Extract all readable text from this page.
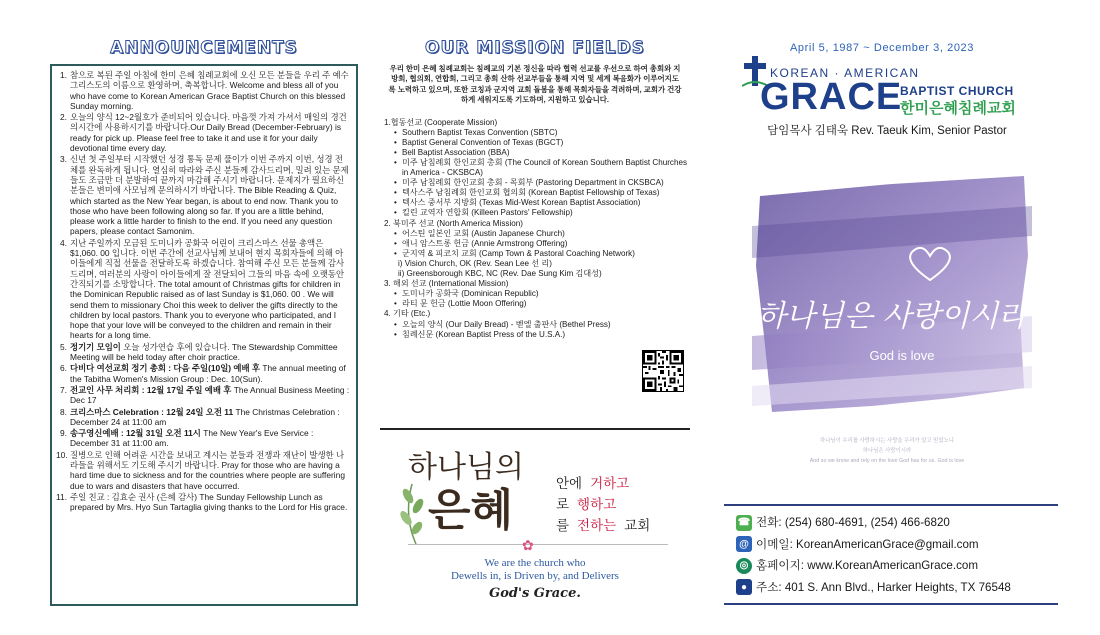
ANNOUNCEMENTS
1. 참으로 복된 주일 아침에 한미 은혜 침례교회에 오신 모든 분들을 우리 주 예수 그리스도의 이름으로 환영하며, 축복합니다. Welcome and bless all of you who have come to Korean American Grace Baptist Church on this blessed Sunday morning.
2. 오늘의 양식 12~2월호가 준비되어 있습니다. 마음껏 가져 가셔서 매일의 경건의시간에 사용하시기를 바랍니다.Our Daily Bread (December-February) is ready for pick up. Please feel free to take it and use it for your daily devotional time every day.
3. 신년 첫 주일부터 시작했던 성경 통독 문제 풀이가 이번 주까지 이번, 성경 전체를 완독하게 됩니다. 열심히 따라와 주신 분들께 감사드리며, 밀려 있는 문제들도 조금만 더 분발하여 끝까지 마감해 주시기 바랍니다. 문제지가 필요하신 분들은 변미애 사모님께 문의하시기 바랍니다. The Bible Reading & Quiz, which started as the New Year began, is about to end now. Thank you to those who have been following along so far. If you are a little behind, please work a little harder to finish to the end. If you need any question papers, please contact Samonim.
4. 지난 주일까지 모금된 도미니카 공화국 어린이 크리스마스 선물 총액은 $1,060. 00 입니다. 이번 주간에 선교사님께 보내어 현지 목회자들에 의해 아이들에게 직접 선물을 전달하도록 하겠습니다. 참여해 주신 모든 분들께 감사드리며, 여러분의 사랑이 아이들에게 잘 전달되어 그들의 마음 속에 오랫동안 간직되기를 소망합니다. The total amount of Christmas gifts for children in the Dominican Republic raised as of last Sunday is $1,060. 00 . We will send them to missionary Choi this week to deliver the gifts directly to the children by local pastors. Thank you to everyone who participated, and I hope that your love will be conveyed to the children and remain in their hearts for a long time.
5. 정기기 모임이 오늘 성가연습 후에 있습니다. The Stewardship Committee Meeting will be held today after choir practice.
6. 다비다 여선교회 정기 총회 : 다음 주일(10일) 예배 후 The annual meeting of the Tabitha Women's Mission Group : Dec. 10(Sun).
7. 전교인 사무 처리회 : 12월 17일 주일 예배 후 The Annual Business Meeting : Dec 17
8. 크리스마스 Celebration : 12월 24일 오전 11 The Christmas Celebration : December 24 at 11:00 am
9. 송구영신예배 : 12월 31일 오전 11시 The New Year's Eve Service : December 31 at 11:00 am.
10. 질병으로 인해 어려운 시간을 보내고 계시는 분들과 전쟁과 재난이 발생한 나라들을 위해서도 기도해 주시기 바랍니다. Pray for those who are having a hard time due to sickness and for the countries where people are suffering due to wars and disasters that have occurred.
11. 주일 친교 : 김효순 권사 (은혜 감사) The Sunday Fellowship Lunch as prepared by Mrs. Hyo Sun Tartaglia giving thanks to the Lord for His grace.
OUR MISSION FIELDS
우리 한미 은혜 침례교회는 침례교의 기본 정신을 따라 협력 선교를 우선으로 하여 총회와 지방회, 협의회, 연합회, 그리고 총회 산하 선교부들을 통해 지역 및 세계 복음화가 이루어지도록 노력하고 있으며, 또한 코칭과 군지역 교회 돌봄을 통해 목회자들을 격려하며, 교회가 건강하게 세워지도록 기도하며, 지원하고 있습니다.
1.협동선교 (Cooperate Mission)
• Southern Baptist Texas Convention (SBTC)
• Baptist General Convention of Texas (BGCT)
• Bell Baptist Association (BBA)
• 미주 남침례회 한인교회 총회 (The Council of Korean Southern Baptist Churches in America - CKSBCA)
• 미주 남침례회 한인교회 총회 - 목회부 (Pastoring Department in CKSBCA)
• 텍사스주 남침례회 한인교회 협의회 (Korean Baptist Fellowship of Texas)
• 텍사스 중서부 지방회 (Texas Mid-West Korean Baptist Association)
• 킬린 교역자 연합회 (Killeen Pastors' Fellowship)
2. 북미주 선교 (North America Mission)
• 어스틴 일본인 교회 (Austin Japanese Church)
• 애니 암스트롱 헌금 (Annie Armstrong Offering)
• 군지역 & 피코치 교회 (Camp Town & Pastoral Coaching Network)
i) Vision Church, OK (Rev. Sean Lee 선 리)
ii) Greensborough KBC, NC (Rev. Dae Sung Kim 김대성)
3. 해외 선교 (International Mission)
• 도미니카 공화국 (Dominican Republic)
• 라티 문 헌금 (Lottie Moon Offering)
4. 기타 (Etc.)
• 오늘의 양식 (Our Daily Bread) - 벧엘 출판사 (Bethel Press)
• 침례신문 (Korean Baptist Press of the U.S.A.)
하나님의
은혜
안에 거하고
로 행하고
를 전하는 교회
✿
We are the church who
Dewells in, is Driven by, and Delivers
God's Grace.
April 5, 1987 ~ December 3, 2023
KOREAN · AMERICAN
GRACE
BAPTIST CHURCH
한미은혜침례교회
담임목사 김태욱 Rev. Taeuk Kim, Senior Pastor
하나님은 사랑이시라
God is love
하나님이 우리를 사랑하시는 사랑을 우리가 알고 믿었노니
하나님은 사랑이시라
And so we know and rely on the love God has for us. God is love
☎ 전화: (254) 680-4691, (254) 466-6820
@ 이메일: KoreanAmericanGrace@gmail.com
◎ 홈페이지: www.KoreanAmericanGrace.com
● 주소: 401 S. Ann Blvd., Harker Heights, TX 76548
